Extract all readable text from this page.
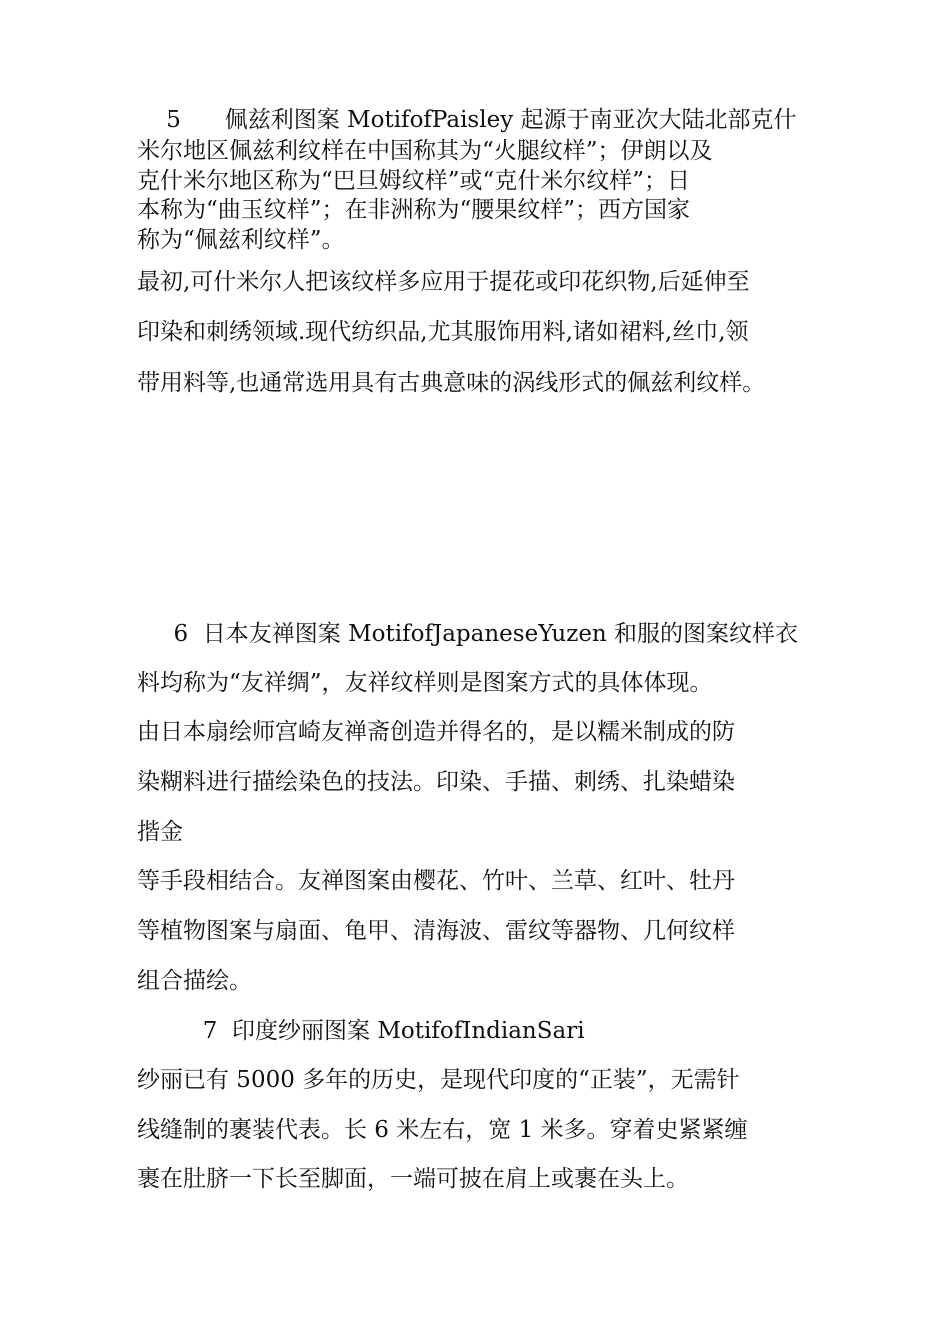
5      佩兹利图案 MotifofPaisley 起源于南亚次大陆北部克什
米尔地区佩兹利纹样在中国称其为“火腿纹样”；伊朗以及
克什米尔地区称为“巴旦姆纹样”或“克什米尔纹样”；日
本称为“曲玉纹样”；在非洲称为“腰果纹样”；西方国家
称为“佩兹利纹样”。
最初,可什米尔人把该纹样多应用于提花或印花织物,后延伸至
印染和刺绣领域.现代纺织品,尤其服饰用料,诸如裙料,丝巾,领
带用料等,也通常选用具有古典意味的涡线形式的佩兹利纹样。
6  日本友禅图案 MotifofJapaneseYuzen 和服的图案纹样衣
料均称为“友祥绸”，友祥纹样则是图案方式的具体体现。
由日本扇绘师宫崎友禅斋创造并得名的，是以糯米制成的防
染糊料进行描绘染色的技法。印染、手描、刺绣、扎染蜡染
揩金
等手段相结合。友禅图案由樱花、竹叶、兰草、红叶、牡丹
等植物图案与扇面、龟甲、清海波、雷纹等器物、几何纹样
组合描绘。
7  印度纱丽图案 MotifofIndianSari
纱丽已有 5000 多年的历史，是现代印度的“正装”，无需针
线缝制的裹装代表。长 6 米左右，宽 1 米多。穿着史紧紧缠
裹在肚脐一下长至脚面，一端可披在肩上或裹在头上。
